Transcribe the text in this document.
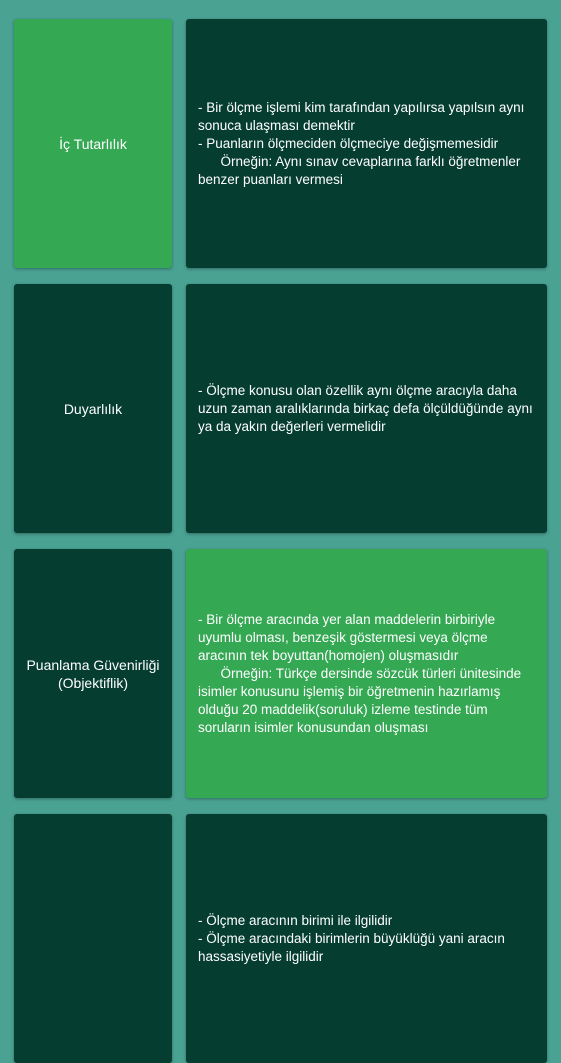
İç Tutarlılık
- Bir ölçme işlemi kim tarafından yapılırsa yapılsın aynı sonuca ulaşması demektir
- Puanların ölçmeciden ölçmeciye değişmemesidir
Örneğin: Aynı sınav cevaplarına farklı öğretmenler benzer puanları vermesi
Duyarlılık
- Ölçme konusu olan özellik aynı ölçme aracıyla daha uzun zaman aralıklarında birkaç defa ölçüldüğünde aynı ya da yakın değerleri vermelidir
Puanlama Güvenirliği (Objektiflik)
- Bir ölçme aracında yer alan maddelerin birbiriyle uyumlu olması, benzeşik göstermesi veya ölçme aracının tek boyuttan(homojen) oluşmasıdır
Örneğin: Türkçe dersinde sözcük türleri ünitesinde isimler konusunu işlemiş bir öğretmenin hazırlamış olduğu 20 maddelik(soruluk) izleme testinde tüm soruların isimler konusundan oluşması
- Ölçme aracının birimi ile ilgilidir
- Ölçme aracındaki birimlerin büyüklüğü yani aracın hassasiyetiyle ilgilidir
